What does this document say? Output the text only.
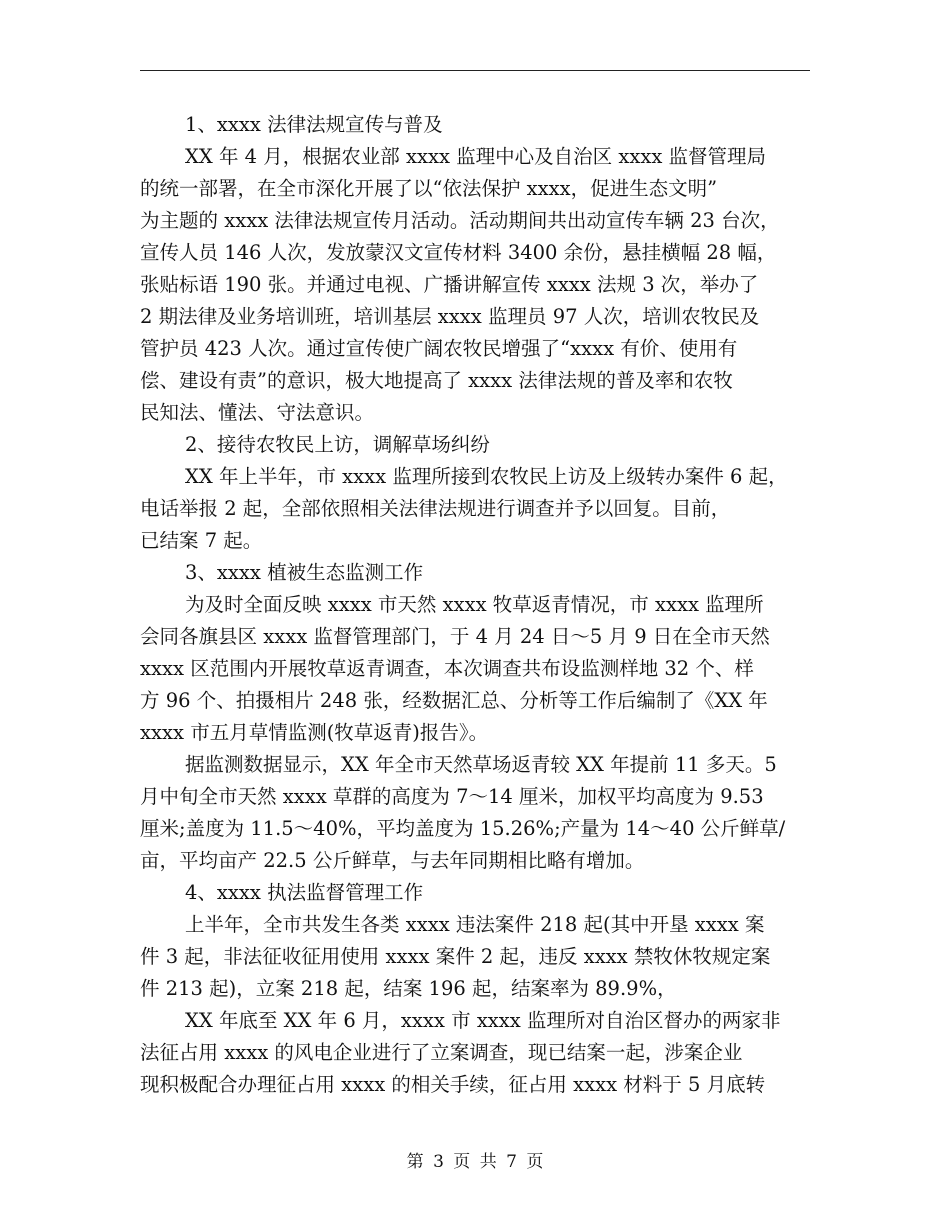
1、xxxx 法律法规宣传与普及
XX 年 4 月，根据农业部 xxxx 监理中心及自治区 xxxx 监督管理局
的统一部署，在全市深化开展了以“依法保护 xxxx，促进生态文明”
为主题的 xxxx 法律法规宣传月活动。活动期间共出动宣传车辆 23 台次，
宣传人员 146 人次，发放蒙汉文宣传材料 3400 余份，悬挂横幅 28 幅，
张贴标语 190 张。并通过电视、广播讲解宣传 xxxx 法规 3 次，举办了
2 期法律及业务培训班，培训基层 xxxx 监理员 97 人次，培训农牧民及
管护员 423 人次。通过宣传使广阔农牧民增强了“xxxx 有价、使用有
偿、建设有责”的意识，极大地提高了 xxxx 法律法规的普及率和农牧
民知法、懂法、守法意识。
2、接待农牧民上访，调解草场纠纷
XX 年上半年，市 xxxx 监理所接到农牧民上访及上级转办案件 6 起，
电话举报 2 起，全部依照相关法律法规进行调查并予以回复。目前，
已结案 7 起。
3、xxxx 植被生态监测工作
为及时全面反映 xxxx 市天然 xxxx 牧草返青情况，市 xxxx 监理所
会同各旗县区 xxxx 监督管理部门，于 4 月 24 日～5 月 9 日在全市天然
xxxx 区范围内开展牧草返青调查，本次调查共布设监测样地 32 个、样
方 96 个、拍摄相片 248 张，经数据汇总、分析等工作后编制了《XX 年
xxxx 市五月草情监测(牧草返青)报告》。
据监测数据显示，XX 年全市天然草场返青较 XX 年提前 11 多天。5
月中旬全市天然 xxxx 草群的高度为 7～14 厘米，加权平均高度为 9.53
厘米;盖度为 11.5～40%，平均盖度为 15.26%;产量为 14～40 公斤鲜草/
亩，平均亩产 22.5 公斤鲜草，与去年同期相比略有增加。
4、xxxx 执法监督管理工作
上半年，全市共发生各类 xxxx 违法案件 218 起(其中开垦 xxxx 案
件 3 起，非法征收征用使用 xxxx 案件 2 起，违反 xxxx 禁牧休牧规定案
件 213 起)，立案 218 起，结案 196 起，结案率为 89.9%，
XX 年底至 XX 年 6 月，xxxx 市 xxxx 监理所对自治区督办的两家非
法征占用 xxxx 的风电企业进行了立案调查，现已结案一起，涉案企业
现积极配合办理征占用 xxxx 的相关手续，征占用 xxxx 材料于 5 月底转
第 3 页 共 7 页
